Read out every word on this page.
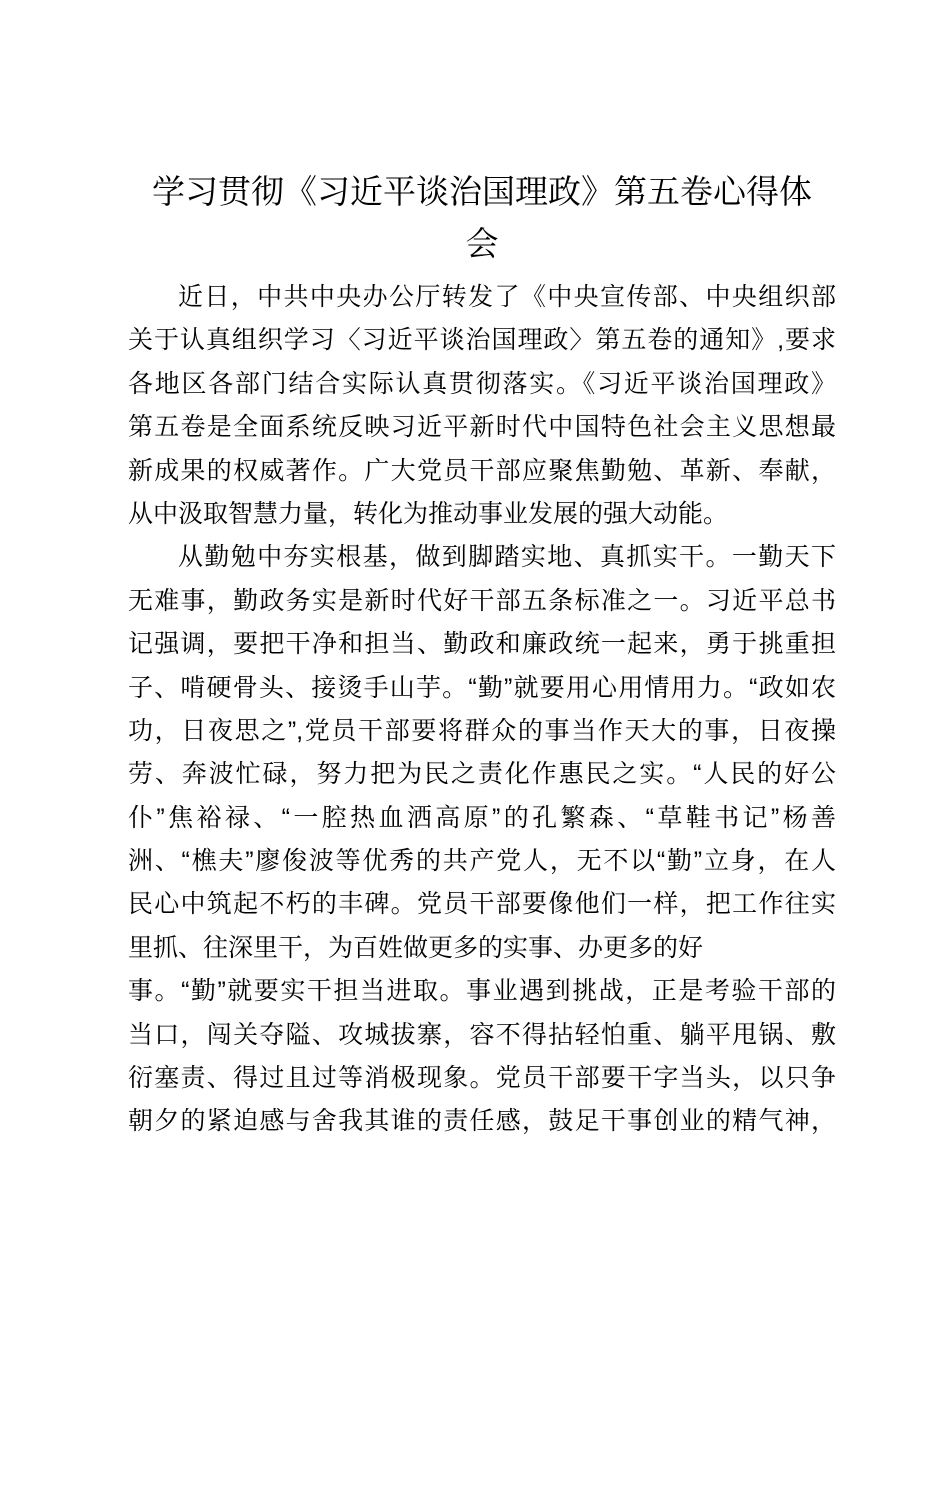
学习贯彻《习近平谈治国理政》第五卷心得体
会
近日，中共中央办公厅转发了《中央宣传部、中央组织部
关于认真组织学习〈习近平谈治国理政〉第五卷的通知》,要求
各地区各部门结合实际认真贯彻落实。《习近平谈治国理政》
第五卷是全面系统反映习近平新时代中国特色社会主义思想最
新成果的权威著作。广大党员干部应聚焦勤勉、革新、奉献，
从中汲取智慧力量，转化为推动事业发展的强大动能。
从勤勉中夯实根基，做到脚踏实地、真抓实干。一勤天下
无难事，勤政务实是新时代好干部五条标准之一。习近平总书
记强调，要把干净和担当、勤政和廉政统一起来，勇于挑重担
子、啃硬骨头、接烫手山芋。“勤”就要用心用情用力。“政如农
功，日夜思之”,党员干部要将群众的事当作天大的事，日夜操
劳、奔波忙碌，努力把为民之责化作惠民之实。“人民的好公
仆”焦裕禄、“一腔热血洒高原”的孔繁森、“草鞋书记”杨善
洲、“樵夫”廖俊波等优秀的共产党人，无不以“勤”立身，在人
民心中筑起不朽的丰碑。党员干部要像他们一样，把工作往实
里抓、往深里干，为百姓做更多的实事、办更多的好
事。“勤”就要实干担当进取。事业遇到挑战，正是考验干部的
当口，闯关夺隘、攻城拔寨，容不得拈轻怕重、躺平甩锅、敷
衍塞责、得过且过等消极现象。党员干部要干字当头，以只争
朝夕的紧迫感与舍我其谁的责任感，鼓足干事创业的精气神，
